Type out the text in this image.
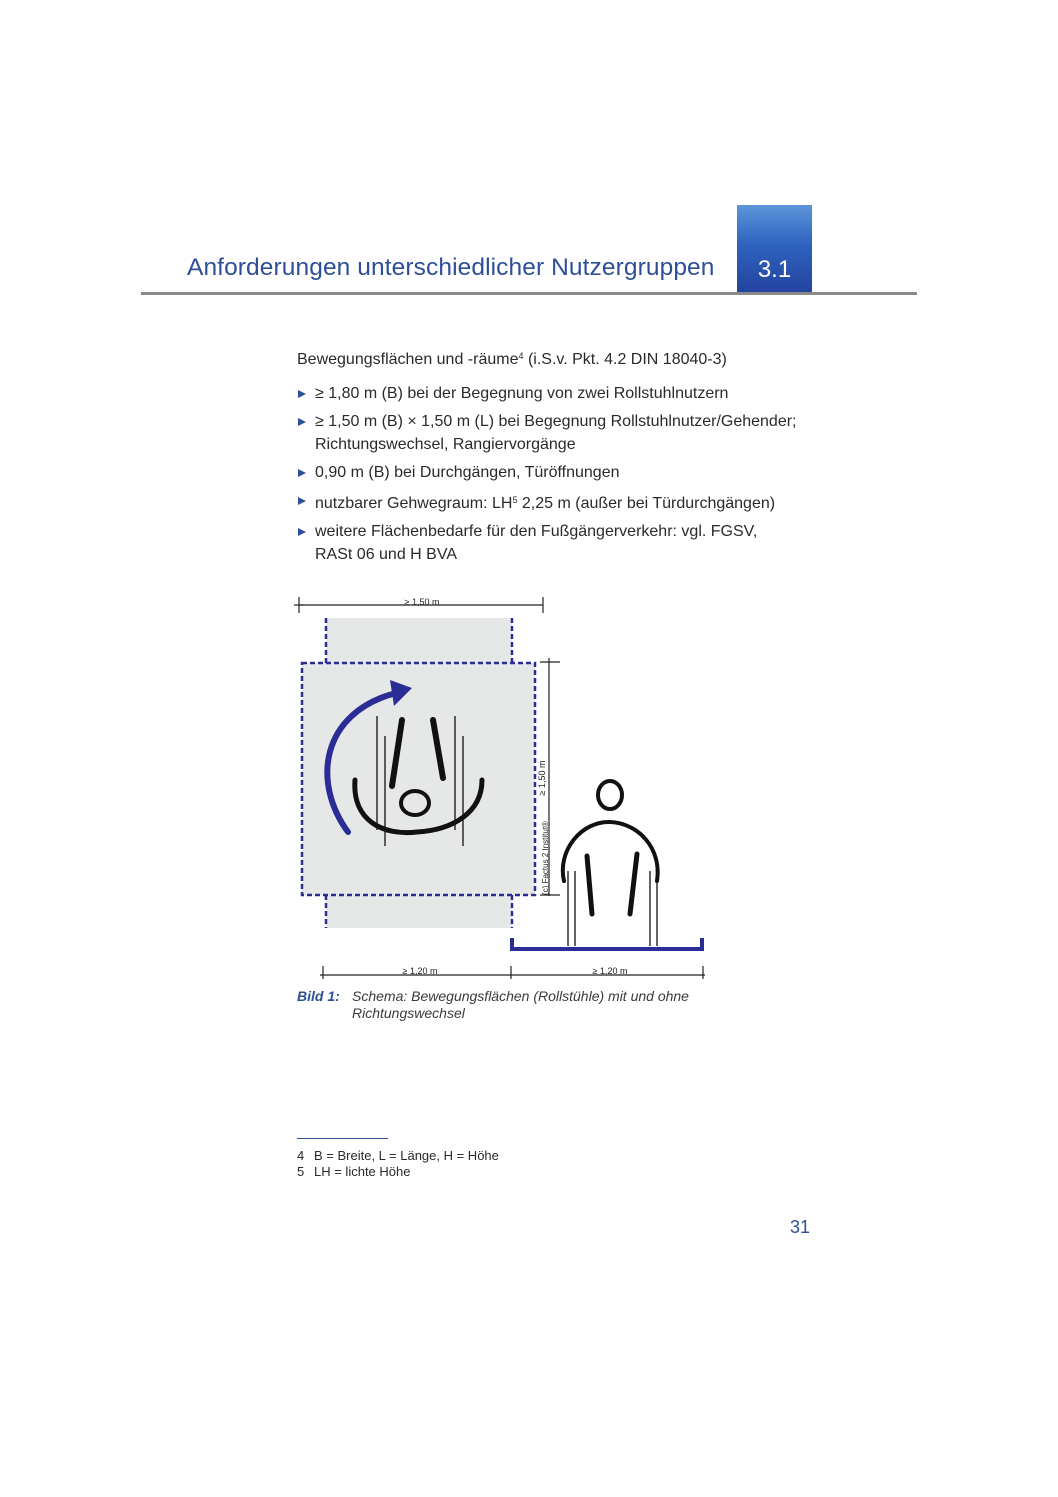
Anforderungen unterschiedlicher Nutzergruppen	3.1
Bewegungsflächen und -räume$^4$ (i.S.v. Pkt. 4.2 DIN 18040-3)
≥ 1,80 m (B) bei der Begegnung von zwei Rollstuhlnutzern
≥ 1,50 m (B) × 1,50 m (L) bei Begegnung Rollstuhlnutzer/Gehender;
Richtungswechsel, Rangiervorgänge
0,90 m (B) bei Durchgängen, Türöffnungen
nutzbarer Gehwegraum: $LH^5$ 2,25 m (außer bei Türdurchgängen)
weitere Flächenbedarfe für den Fußgängerverkehr: vgl. FGSV,
RASt 06 und H BVA
≥ 1,50 m
≥ 1,50 m
(c) Factus 2 Institut®
≥ 1,20 m	≥ 1,20 m
Bild 1: Schema: Bewegungsflächen (Rollstühle) mit und ohne
Richtungswechsel
4 B = Breite, L = Länge, H = Höhe
5 LH = lichte Höhe
31
